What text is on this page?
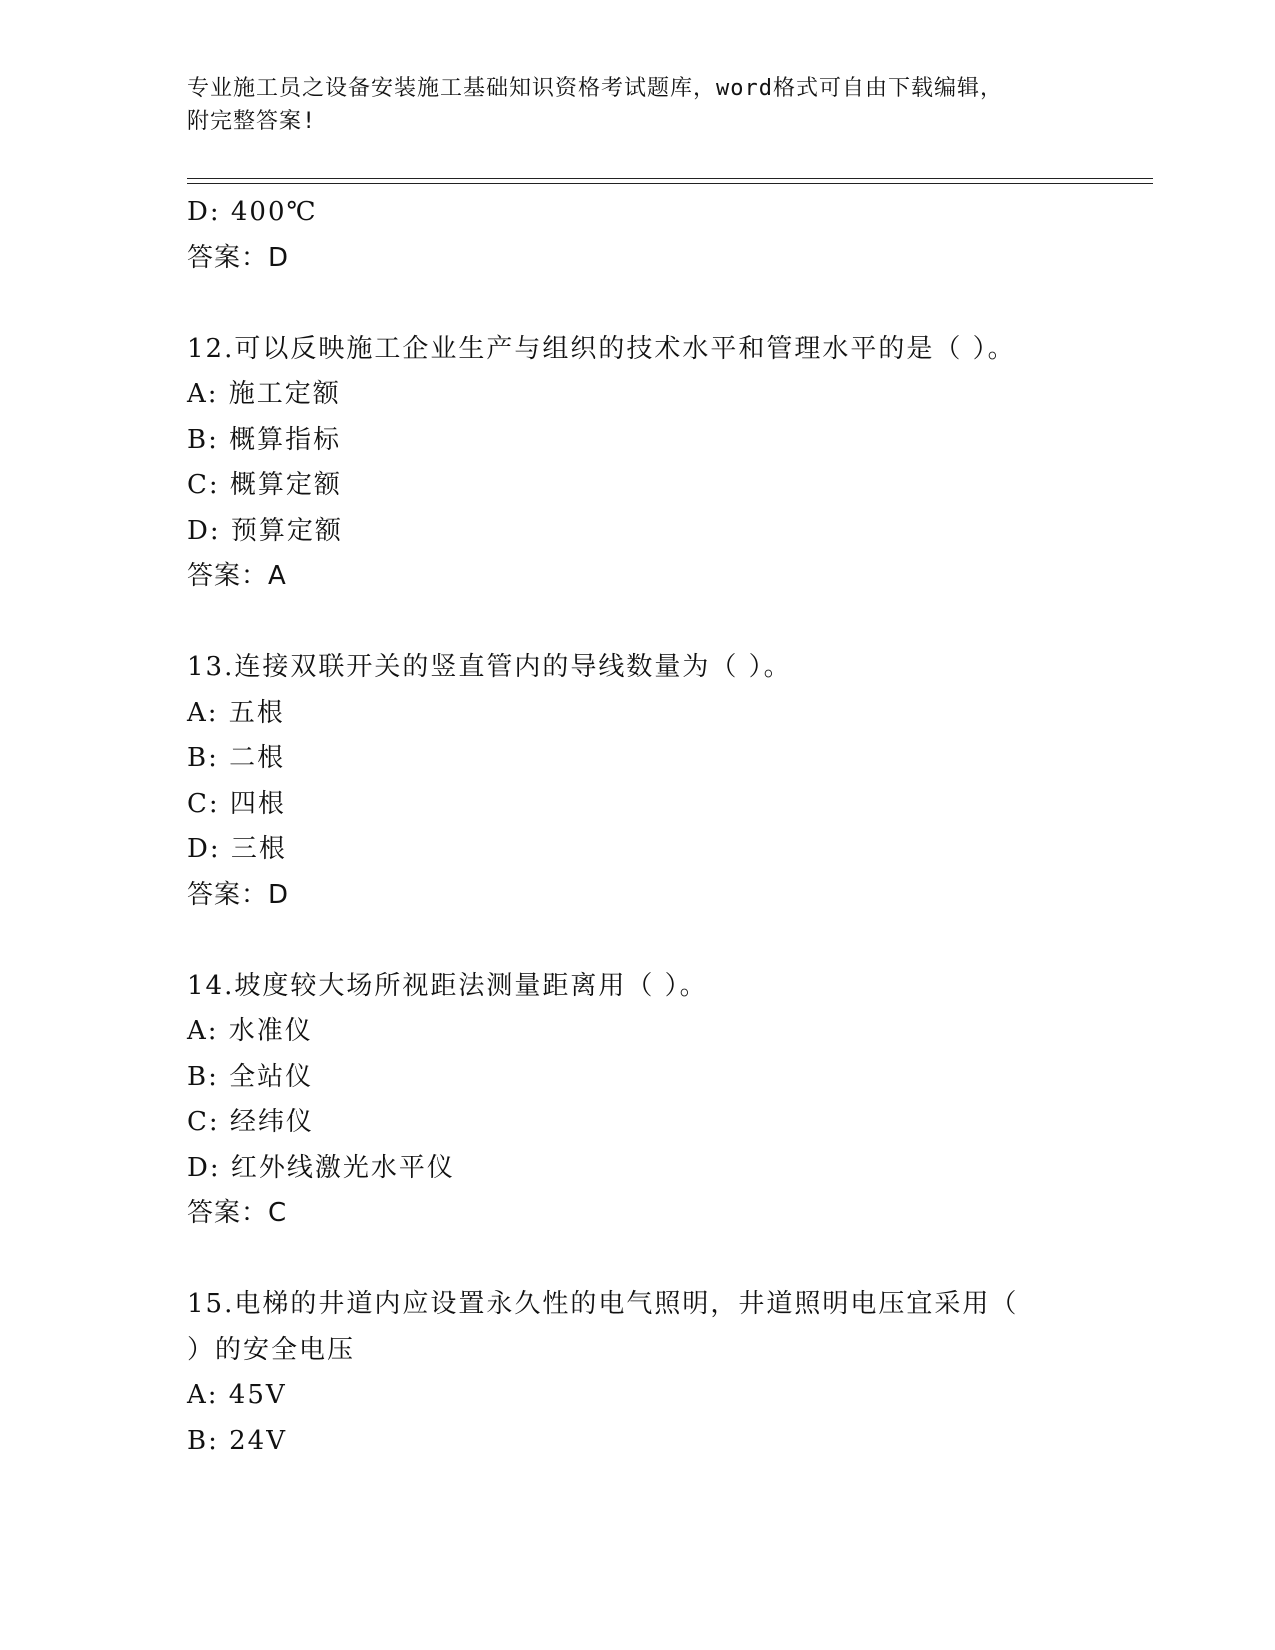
专业施工员之设备安装施工基础知识资格考试题库，word格式可自由下载编辑，
附完整答案!
D: 400℃
答案：D
12.可以反映施工企业生产与组织的技术水平和管理水平的是（ ）。
A: 施工定额
B: 概算指标
C: 概算定额
D: 预算定额
答案：A
13.连接双联开关的竖直管内的导线数量为（ ）。
A: 五根
B: 二根
C: 四根
D: 三根
答案：D
14.坡度较大场所视距法测量距离用（ ）。
A: 水准仪
B: 全站仪
C: 经纬仪
D: 红外线激光水平仪
答案：C
15.电梯的井道内应设置永久性的电气照明，井道照明电压宜采用（
）的安全电压
A: 45V
B: 24V
